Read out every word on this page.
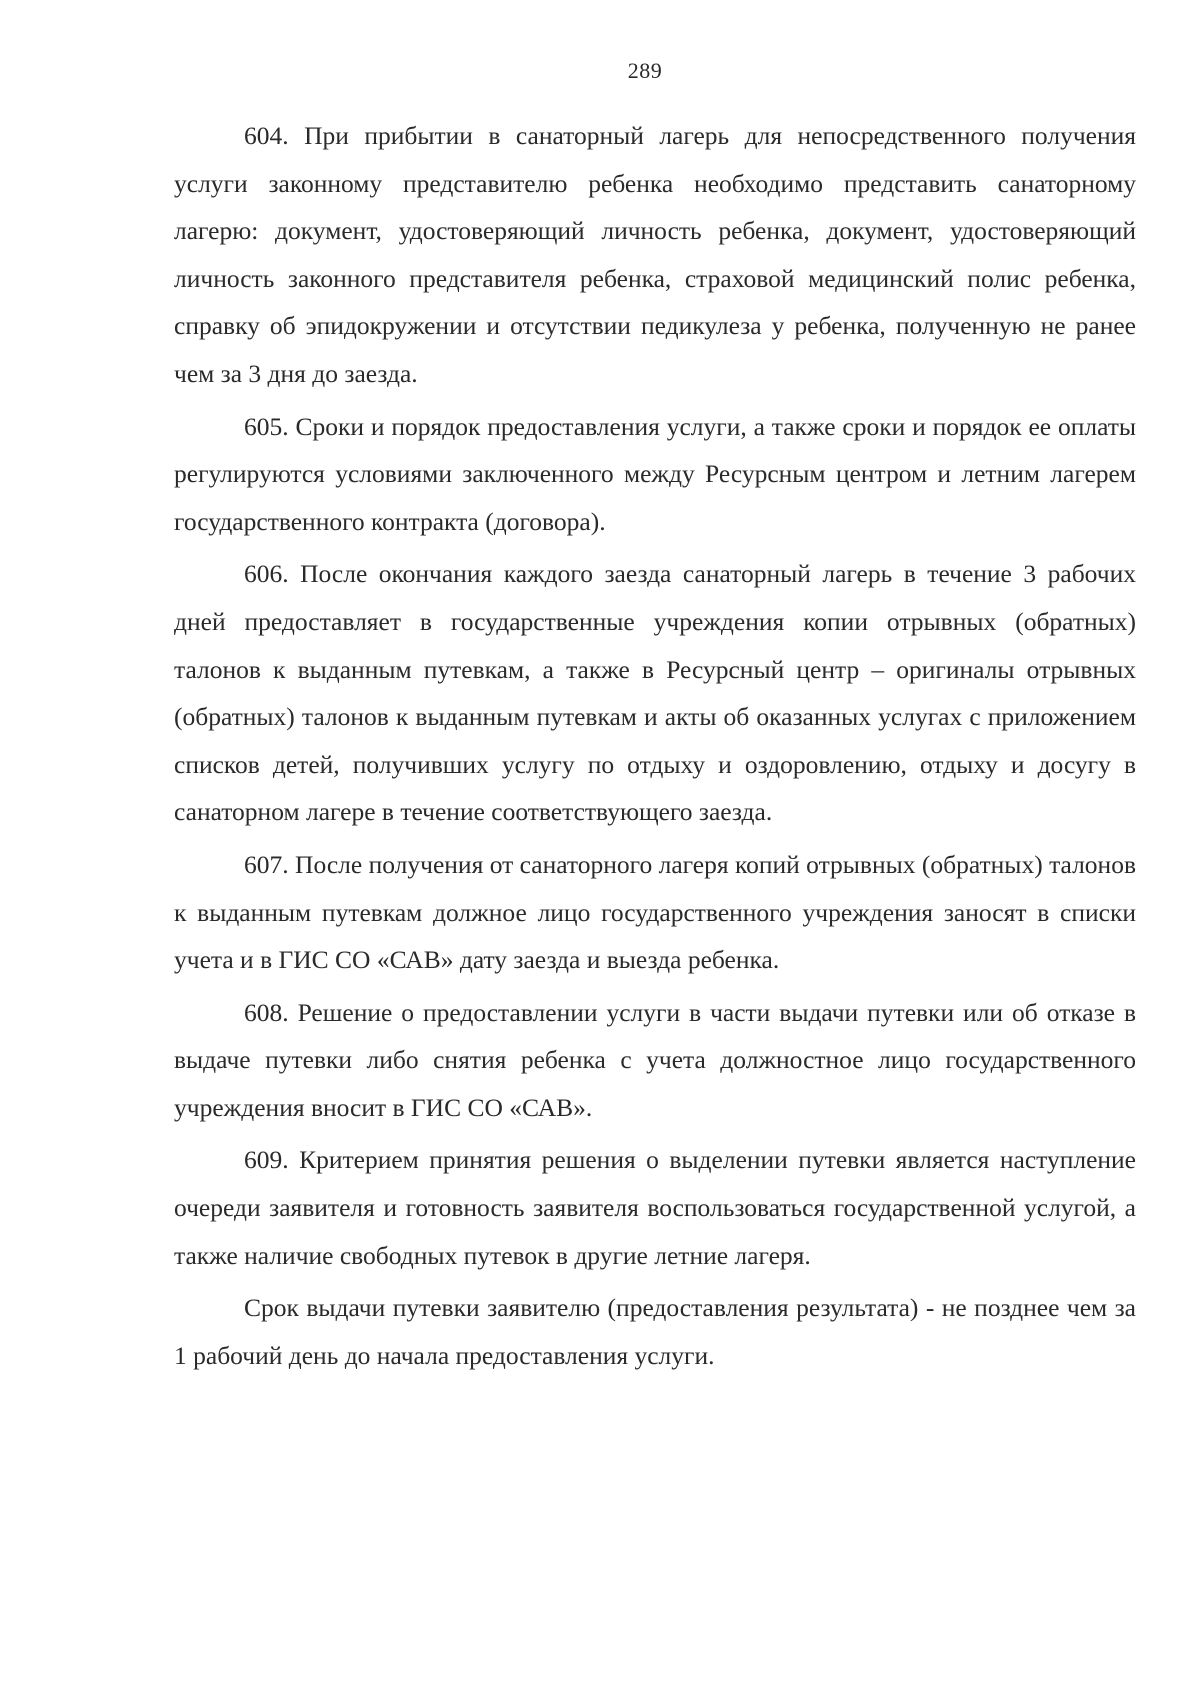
289

604. При прибытии в санаторный лагерь для непосредственного получения услуги законному представителю ребенка необходимо представить санаторному лагерю: документ, удостоверяющий личность ребенка, документ, удостоверяющий личность законного представителя ребенка, страховой медицинский полис ребенка, справку об эпидокружении и отсутствии педикулеза у ребенка, полученную не ранее чем за 3 дня до заезда.

605. Сроки и порядок предоставления услуги, а также сроки и порядок ее оплаты регулируются условиями заключенного между Ресурсным центром и летним лагерем государственного контракта (договора).

606. После окончания каждого заезда санаторный лагерь в течение 3 рабочих дней предоставляет в государственные учреждения копии отрывных (обратных) талонов к выданным путевкам, а также в Ресурсный центр – оригиналы отрывных (обратных) талонов к выданным путевкам и акты об оказанных услугах с приложением списков детей, получивших услугу по отдыху и оздоровлению, отдыху и досугу в санаторном лагере в течение соответствующего заезда.

607. После получения от санаторного лагеря копий отрывных (обратных) талонов к выданным путевкам должное лицо государственного учреждения заносят в списки учета и в ГИС СО «САВ» дату заезда и выезда ребенка.

608. Решение о предоставлении услуги в части выдачи путевки или об отказе в выдаче путевки либо снятия ребенка с учета должностное лицо государственного учреждения вносит в ГИС СО «САВ».

609. Критерием принятия решения о выделении путевки является наступление очереди заявителя и готовность заявителя воспользоваться государственной услугой, а также наличие свободных путевок в другие летние лагеря.

Срок выдачи путевки заявителю (предоставления результата) - не позднее чем за 1 рабочий день до начала предоставления услуги.
